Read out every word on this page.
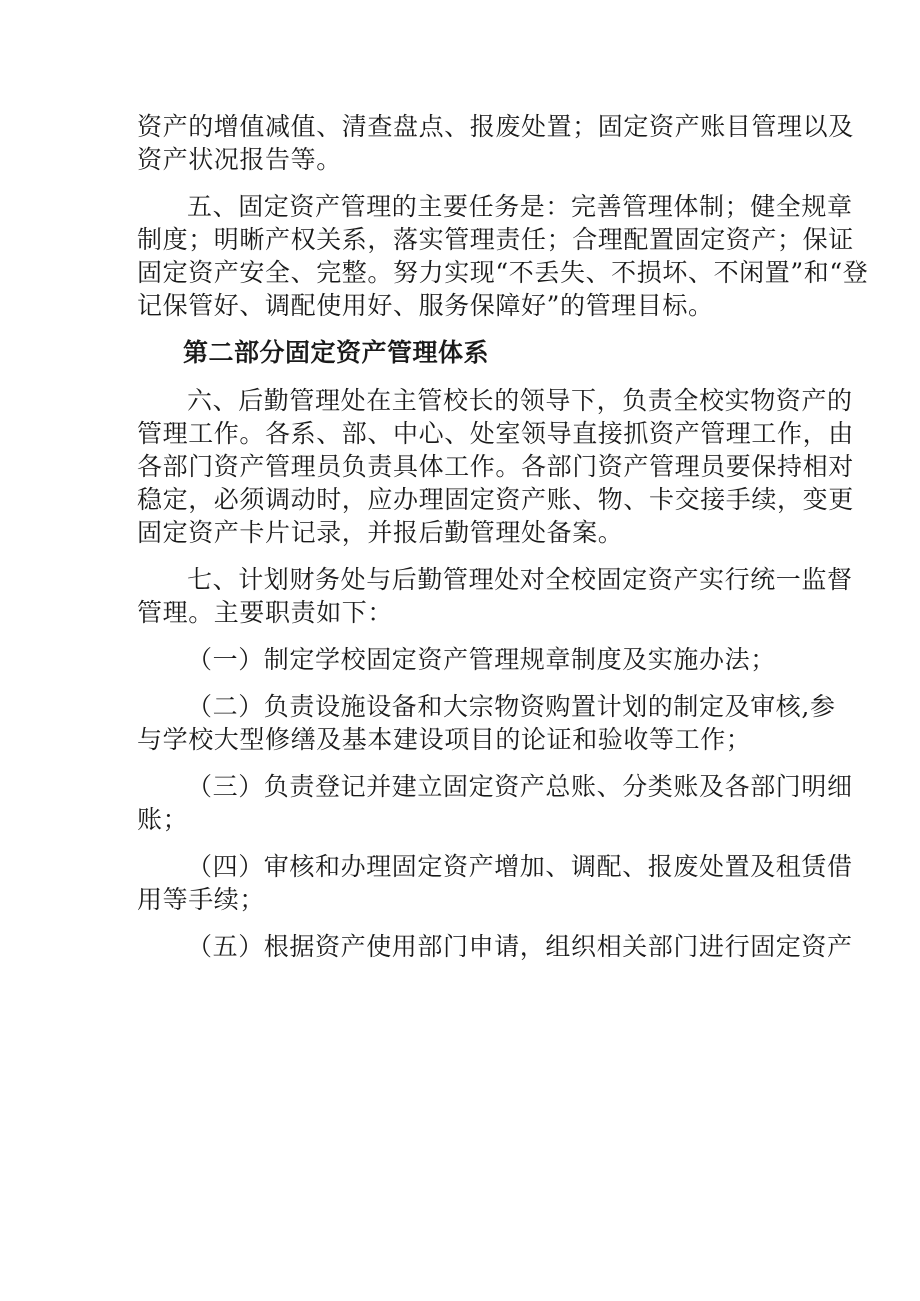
资产的增值减值、清查盘点、报废处置；固定资产账目管理以及
资产状况报告等。
五、固定资产管理的主要任务是：完善管理体制；健全规章
制度；明晰产权关系，落实管理责任；合理配置固定资产；保证
固定资产安全、完整。努力实现“不丢失、不损坏、不闲置”和“登
记保管好、调配使用好、服务保障好”的管理目标。
第二部分固定资产管理体系
六、后勤管理处在主管校长的领导下，负责全校实物资产的
管理工作。各系、部、中心、处室领导直接抓资产管理工作，由
各部门资产管理员负责具体工作。各部门资产管理员要保持相对
稳定，必须调动时，应办理固定资产账、物、卡交接手续，变更
固定资产卡片记录，并报后勤管理处备案。
七、计划财务处与后勤管理处对全校固定资产实行统一监督
管理。主要职责如下：
（一）制定学校固定资产管理规章制度及实施办法；
（二）负责设施设备和大宗物资购置计划的制定及审核,参
与学校大型修缮及基本建设项目的论证和验收等工作；
（三）负责登记并建立固定资产总账、分类账及各部门明细
账；
（四）审核和办理固定资产增加、调配、报废处置及租赁借
用等手续；
（五）根据资产使用部门申请，组织相关部门进行固定资产
